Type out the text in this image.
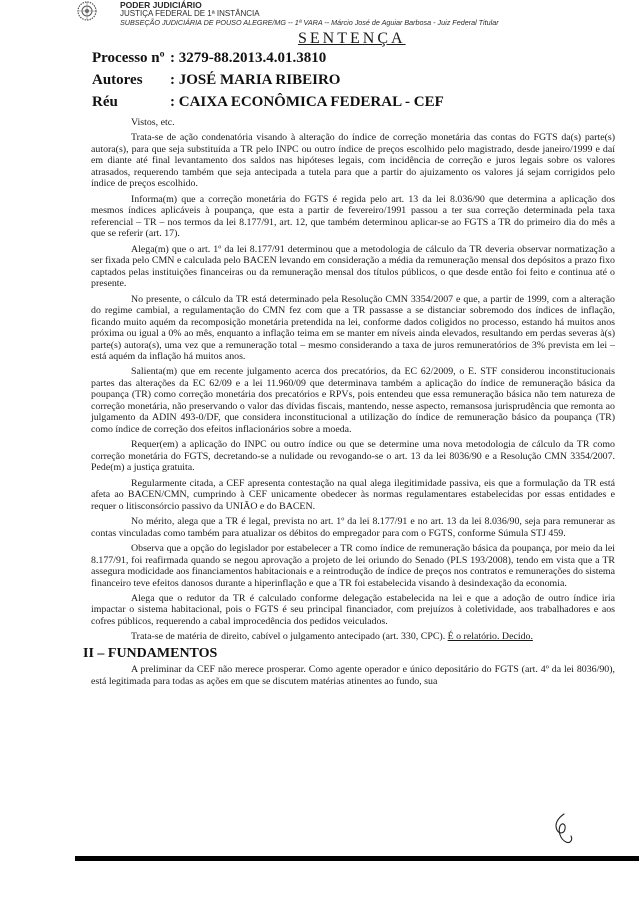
PODER JUDICIÁRIO
JUSTIÇA FEDERAL DE 1ª INSTÂNCIA
SUBSEÇÃO JUDICIÁRIA DE POUSO ALEGRE/MG -- 1ª VARA -- Márcio José de Aguiar Barbosa - Juiz Federal Titular
SENTENÇA
Processo nº : 3279-88.2013.4.01.3810
Autores : JOSÉ MARIA RIBEIRO
Réu	: CAIXA ECONÔMICA FEDERAL - CEF

Vistos, etc.

Trata-se de ação condenatória visando à alteração do índice de correção monetária das contas do FGTS da(s) parte(s) autora(s), para que seja substituída a TR pelo INPC ou outro índice de preços escolhido pelo magistrado, desde janeiro/1999 e daí em diante até final levantamento dos saldos nas hipóteses legais, com incidência de correção e juros legais sobre os valores atrasados, requerendo também que seja antecipada a tutela para que a partir do ajuizamento os valores já sejam corrigidos pelo índice de preços escolhido.

Informa(m) que a correção monetária do FGTS é regida pelo art. 13 da lei 8.036/90 que determina a aplicação dos mesmos índices aplicáveis à poupança, que esta a partir de fevereiro/1991 passou a ter sua correção determinada pela taxa referencial – TR – nos termos da lei 8.177/91, art. 12, que também determinou aplicar-se ao FGTS a TR do primeiro dia do mês a que se referir (art. 17).

Alega(m) que o art. 1º da lei 8.177/91 determinou que a metodologia de cálculo da TR deveria observar normatização a ser fixada pelo CMN e calculada pelo BACEN levando em consideração a média da remuneração mensal dos depósitos a prazo fixo captados pelas instituições financeiras ou da remuneração mensal dos títulos públicos, o que desde então foi feito e continua até o presente.

No presente, o cálculo da TR está determinado pela Resolução CMN 3354/2007 e que, a partir de 1999, com a alteração do regime cambial, a regulamentação do CMN fez com que a TR passasse a se distanciar sobremodo dos índices de inflação, ficando muito aquém da recomposição monetária pretendida na lei, conforme dados coligidos no processo, estando há muitos anos próxima ou igual a 0% ao mês, enquanto a inflação teima em se manter em níveis ainda elevados, resultando em perdas severas à(s) parte(s) autora(s), uma vez que a remuneração total – mesmo considerando a taxa de juros remuneratórios de 3% prevista em lei – está aquém da inflação há muitos anos.

Salienta(m) que em recente julgamento acerca dos precatórios, da EC 62/2009, o E. STF considerou inconstitucionais partes das alterações da EC 62/09 e a lei 11.960/09 que determinava também a aplicação do índice de remuneração básica da poupança (TR) como correção monetária dos precatórios e RPVs, pois entendeu que essa remuneração básica não tem natureza de correção monetária, não preservando o valor das dívidas fiscais, mantendo, nesse aspecto, remansosa jurisprudência que remonta ao julgamento da ADIN 493-0/DF, que considera inconstitucional a utilização do índice de remuneração básico da poupança (TR) como índice de correção dos efeitos inflacionários sobre a moeda.

Requer(em) a aplicação do INPC ou outro índice ou que se determine uma nova metodologia de cálculo da TR como correção monetária do FGTS, decretando-se a nulidade ou revogando-se o art. 13 da lei 8036/90 e a Resolução CMN 3354/2007. Pede(m) a justiça gratuita.

Regularmente citada, a CEF apresenta contestação na qual alega ilegitimidade passiva, eis que a formulação da TR está afeta ao BACEN/CMN, cumprindo à CEF unicamente obedecer às normas regulamentares estabelecidas por essas entidades e requer o litisconsórcio passivo da UNIÃO e do BACEN.

No mérito, alega que a TR é legal, prevista no art. 1º da lei 8.177/91 e no art. 13 da lei 8.036/90, seja para remunerar as contas vinculadas como também para atualizar os débitos do empregador para com o FGTS, conforme Súmula STJ 459.

Observa que a opção do legislador por estabelecer a TR como índice de remuneração básica da poupança, por meio da lei 8.177/91, foi reafirmada quando se negou aprovação a projeto de lei oriundo do Senado (PLS 193/2008), tendo em vista que a TR assegura modicidade aos financiamentos habitacionais e a reintrodução de índice de preços nos contratos e remunerações do sistema financeiro teve efeitos danosos durante a hiperinflação e que a TR foi estabelecida visando à desindexação da economia.

Alega que o redutor da TR é calculado conforme delegação estabelecida na lei e que a adoção de outro índice iria impactar o sistema habitacional, pois o FGTS é seu principal financiador, com prejuízos à coletividade, aos trabalhadores e aos cofres públicos, requerendo a cabal improcedência dos pedidos veiculados.

Trata-se de matéria de direito, cabível o julgamento antecipado (art. 330, CPC). É o relatório. Decido.

II – FUNDAMENTOS

A preliminar da CEF não merece prosperar. Como agente operador e único depositário do FGTS (art. 4º da lei 8036/90), está legitimada para todas as ações em que se discutem matérias atinentes ao fundo, sua
